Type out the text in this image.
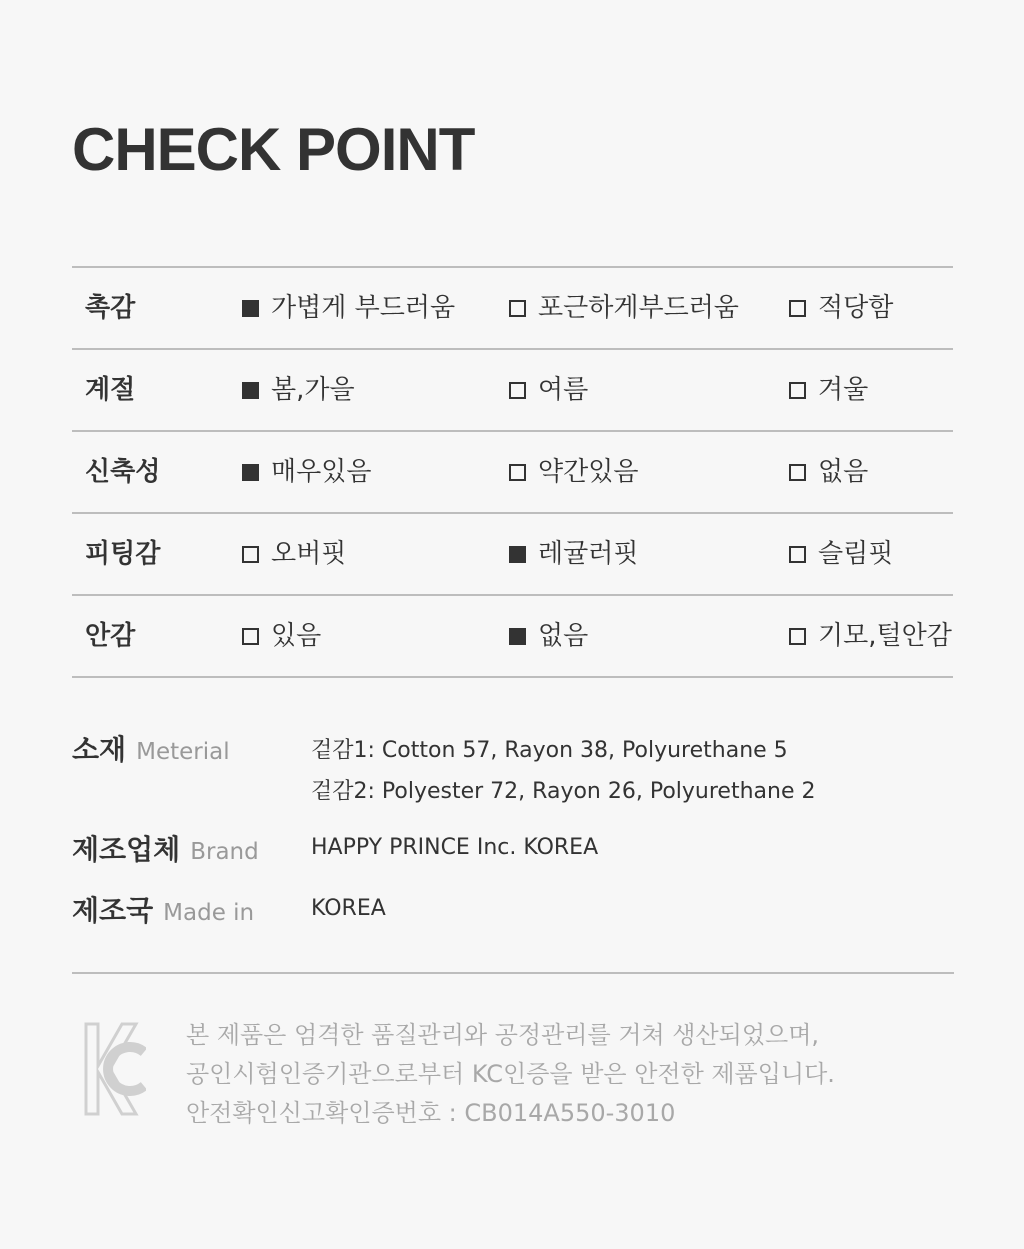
CHECK POINT
촉감	가볍게 부드러움	포근하게부드러움	적당함
계절	봄,가을	여름	겨울
신축성	매우있음	약간있음	없음
피팅감	오버핏	레귤러핏	슬림핏
안감	있음	없음	기모,털안감
소재 Meterial	겉감1: Cotton 57, Rayon 38, Polyurethane 5
겉감2: Polyester 72, Rayon 26, Polyurethane 2
제조업체 Brand HAPPY PRINCE Inc. KOREA
제조국 Made in	KOREA
본 제품은 엄격한 품질관리와 공정관리를 거쳐 생산되었으며,
공인시험인증기관으로부터 KC인증을 받은 안전한 제품입니다.
안전확인신고확인증번호 : CB014A550-3010
